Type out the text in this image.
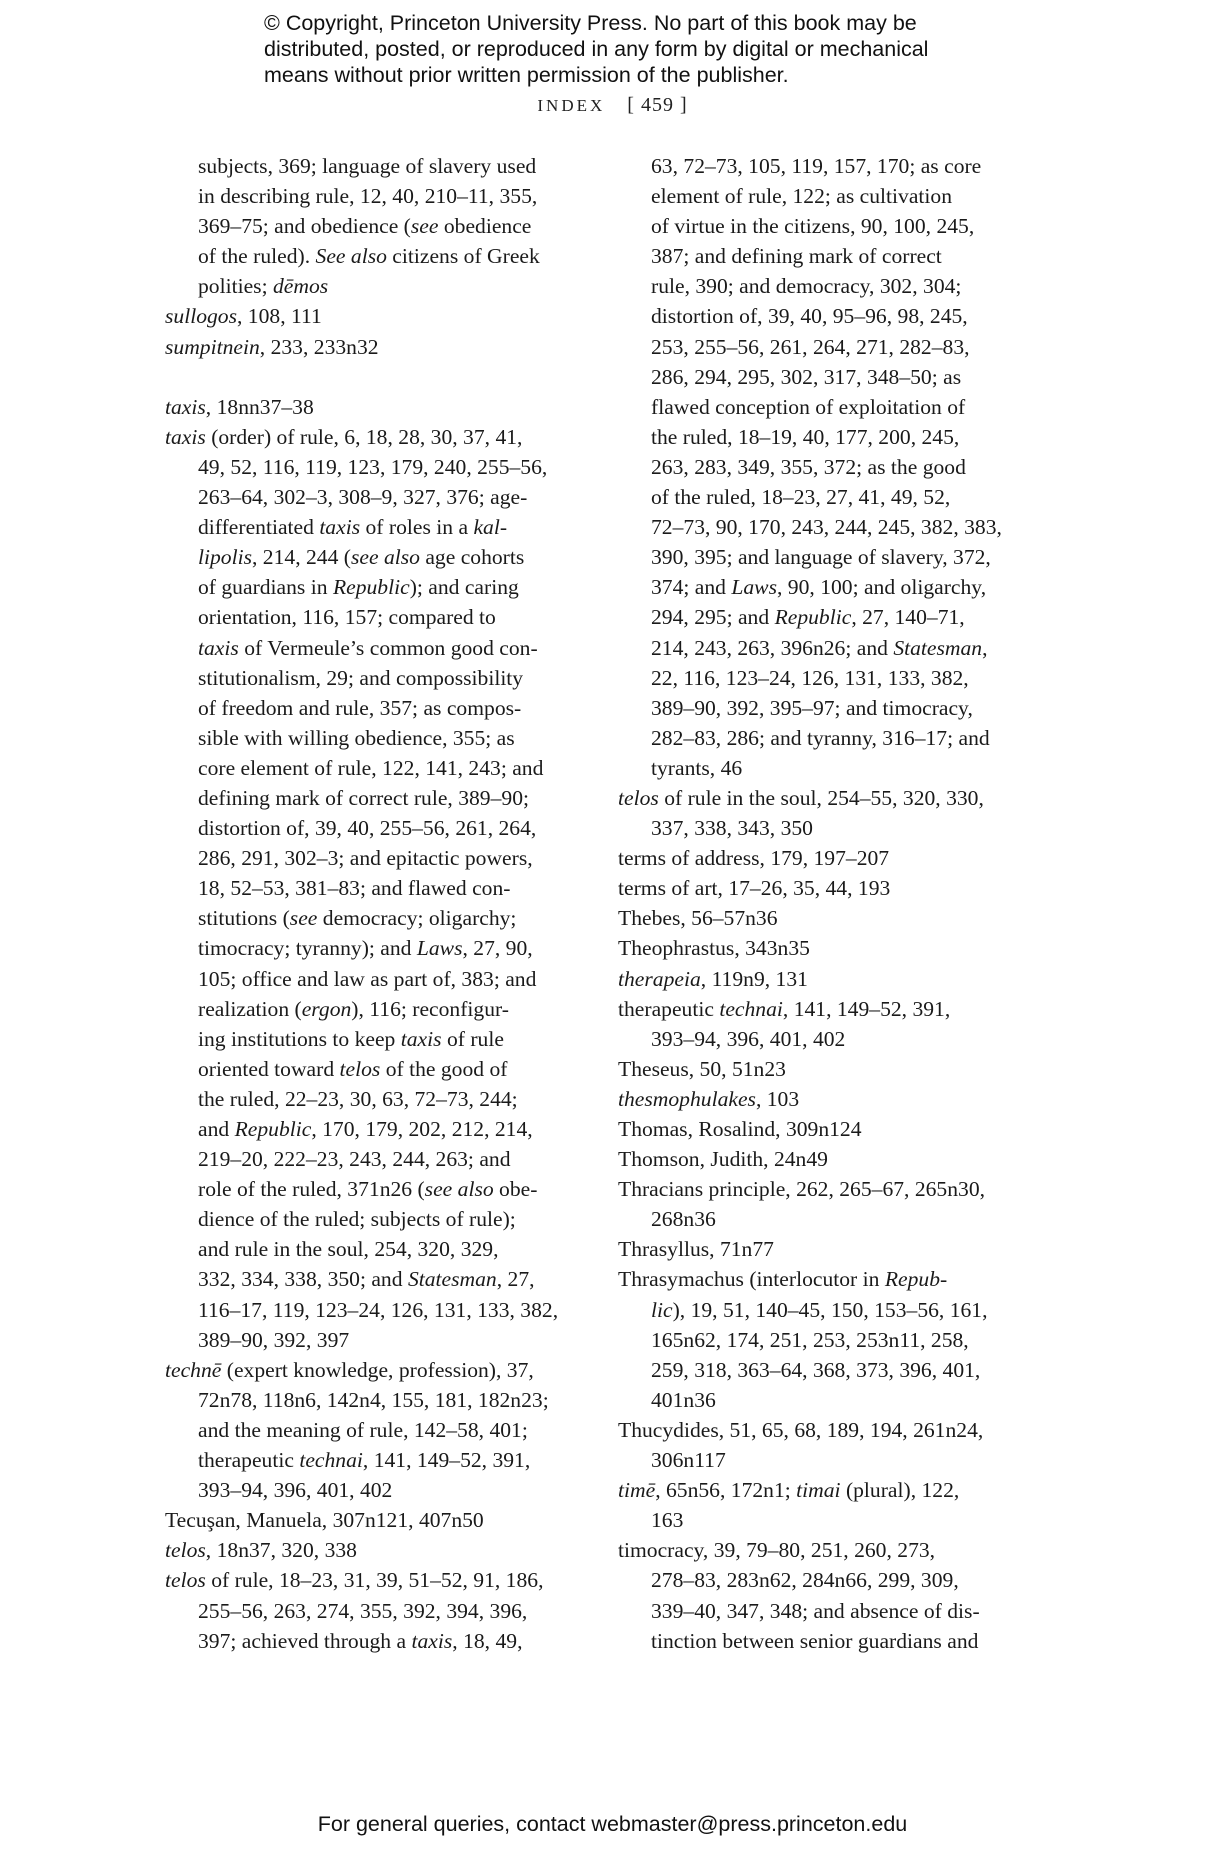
© Copyright, Princeton University Press. No part of this book may be
distributed, posted, or reproduced in any form by digital or mechanical
means without prior written permission of the publisher.
INDEX [ 459 ]
subjects, 369; language of slavery used
in describing rule, 12, 40, 210–11, 355,
369–75; and obedience (see obedience
of the ruled). See also citizens of Greek
polities; dēmos
sullogos, 108, 111
sumpitnein, 233, 233n32
taxis, 18nn37–38
taxis (order) of rule, 6, 18, 28, 30, 37, 41,
49, 52, 116, 119, 123, 179, 240, 255–56,
263–64, 302–3, 308–9, 327, 376; age-
differentiated taxis of roles in a kal-
lipolis, 214, 244 (see also age cohorts
of guardians in Republic); and caring
orientation, 116, 157; compared to
taxis of Vermeule’s common good con-
stitutionalism, 29; and compossibility
of freedom and rule, 357; as compos-
sible with willing obedience, 355; as
core element of rule, 122, 141, 243; and
defining mark of correct rule, 389–90;
distortion of, 39, 40, 255–56, 261, 264,
286, 291, 302–3; and epitactic powers,
18, 52–53, 381–83; and flawed con-
stitutions (see democracy; oligarchy;
timocracy; tyranny); and Laws, 27, 90,
105; office and law as part of, 383; and
realization (ergon), 116; reconfigur-
ing institutions to keep taxis of rule
oriented toward telos of the good of
the ruled, 22–23, 30, 63, 72–73, 244;
and Republic, 170, 179, 202, 212, 214,
219–20, 222–23, 243, 244, 263; and
role of the ruled, 371n26 (see also obe-
dience of the ruled; subjects of rule);
and rule in the soul, 254, 320, 329,
332, 334, 338, 350; and Statesman, 27,
116–17, 119, 123–24, 126, 131, 133, 382,
389–90, 392, 397
technē (expert knowledge, profession), 37,
72n78, 118n6, 142n4, 155, 181, 182n23;
and the meaning of rule, 142–58, 401;
therapeutic technai, 141, 149–52, 391,
393–94, 396, 401, 402
Tecuşan, Manuela, 307n121, 407n50
telos, 18n37, 320, 338
telos of rule, 18–23, 31, 39, 51–52, 91, 186,
255–56, 263, 274, 355, 392, 394, 396,
397; achieved through a taxis, 18, 49,
63, 72–73, 105, 119, 157, 170; as core
element of rule, 122; as cultivation
of virtue in the citizens, 90, 100, 245,
387; and defining mark of correct
rule, 390; and democracy, 302, 304;
distortion of, 39, 40, 95–96, 98, 245,
253, 255–56, 261, 264, 271, 282–83,
286, 294, 295, 302, 317, 348–50; as
flawed conception of exploitation of
the ruled, 18–19, 40, 177, 200, 245,
263, 283, 349, 355, 372; as the good
of the ruled, 18–23, 27, 41, 49, 52,
72–73, 90, 170, 243, 244, 245, 382, 383,
390, 395; and language of slavery, 372,
374; and Laws, 90, 100; and oligarchy,
294, 295; and Republic, 27, 140–71,
214, 243, 263, 396n26; and Statesman,
22, 116, 123–24, 126, 131, 133, 382,
389–90, 392, 395–97; and timocracy,
282–83, 286; and tyranny, 316–17; and
tyrants, 46
telos of rule in the soul, 254–55, 320, 330,
337, 338, 343, 350
terms of address, 179, 197–207
terms of art, 17–26, 35, 44, 193
Thebes, 56–57n36
Theophrastus, 343n35
therapeia, 119n9, 131
therapeutic technai, 141, 149–52, 391,
393–94, 396, 401, 402
Theseus, 50, 51n23
thesmophulakes, 103
Thomas, Rosalind, 309n124
Thomson, Judith, 24n49
Thracians principle, 262, 265–67, 265n30,
268n36
Thrasyllus, 71n77
Thrasymachus (interlocutor in Repub-
lic), 19, 51, 140–45, 150, 153–56, 161,
165n62, 174, 251, 253, 253n11, 258,
259, 318, 363–64, 368, 373, 396, 401,
401n36
Thucydides, 51, 65, 68, 189, 194, 261n24,
306n117
timē, 65n56, 172n1; timai (plural), 122,
163
timocracy, 39, 79–80, 251, 260, 273,
278–83, 283n62, 284n66, 299, 309,
339–40, 347, 348; and absence of dis-
tinction between senior guardians and
For general queries, contact webmaster@press.princeton.edu
